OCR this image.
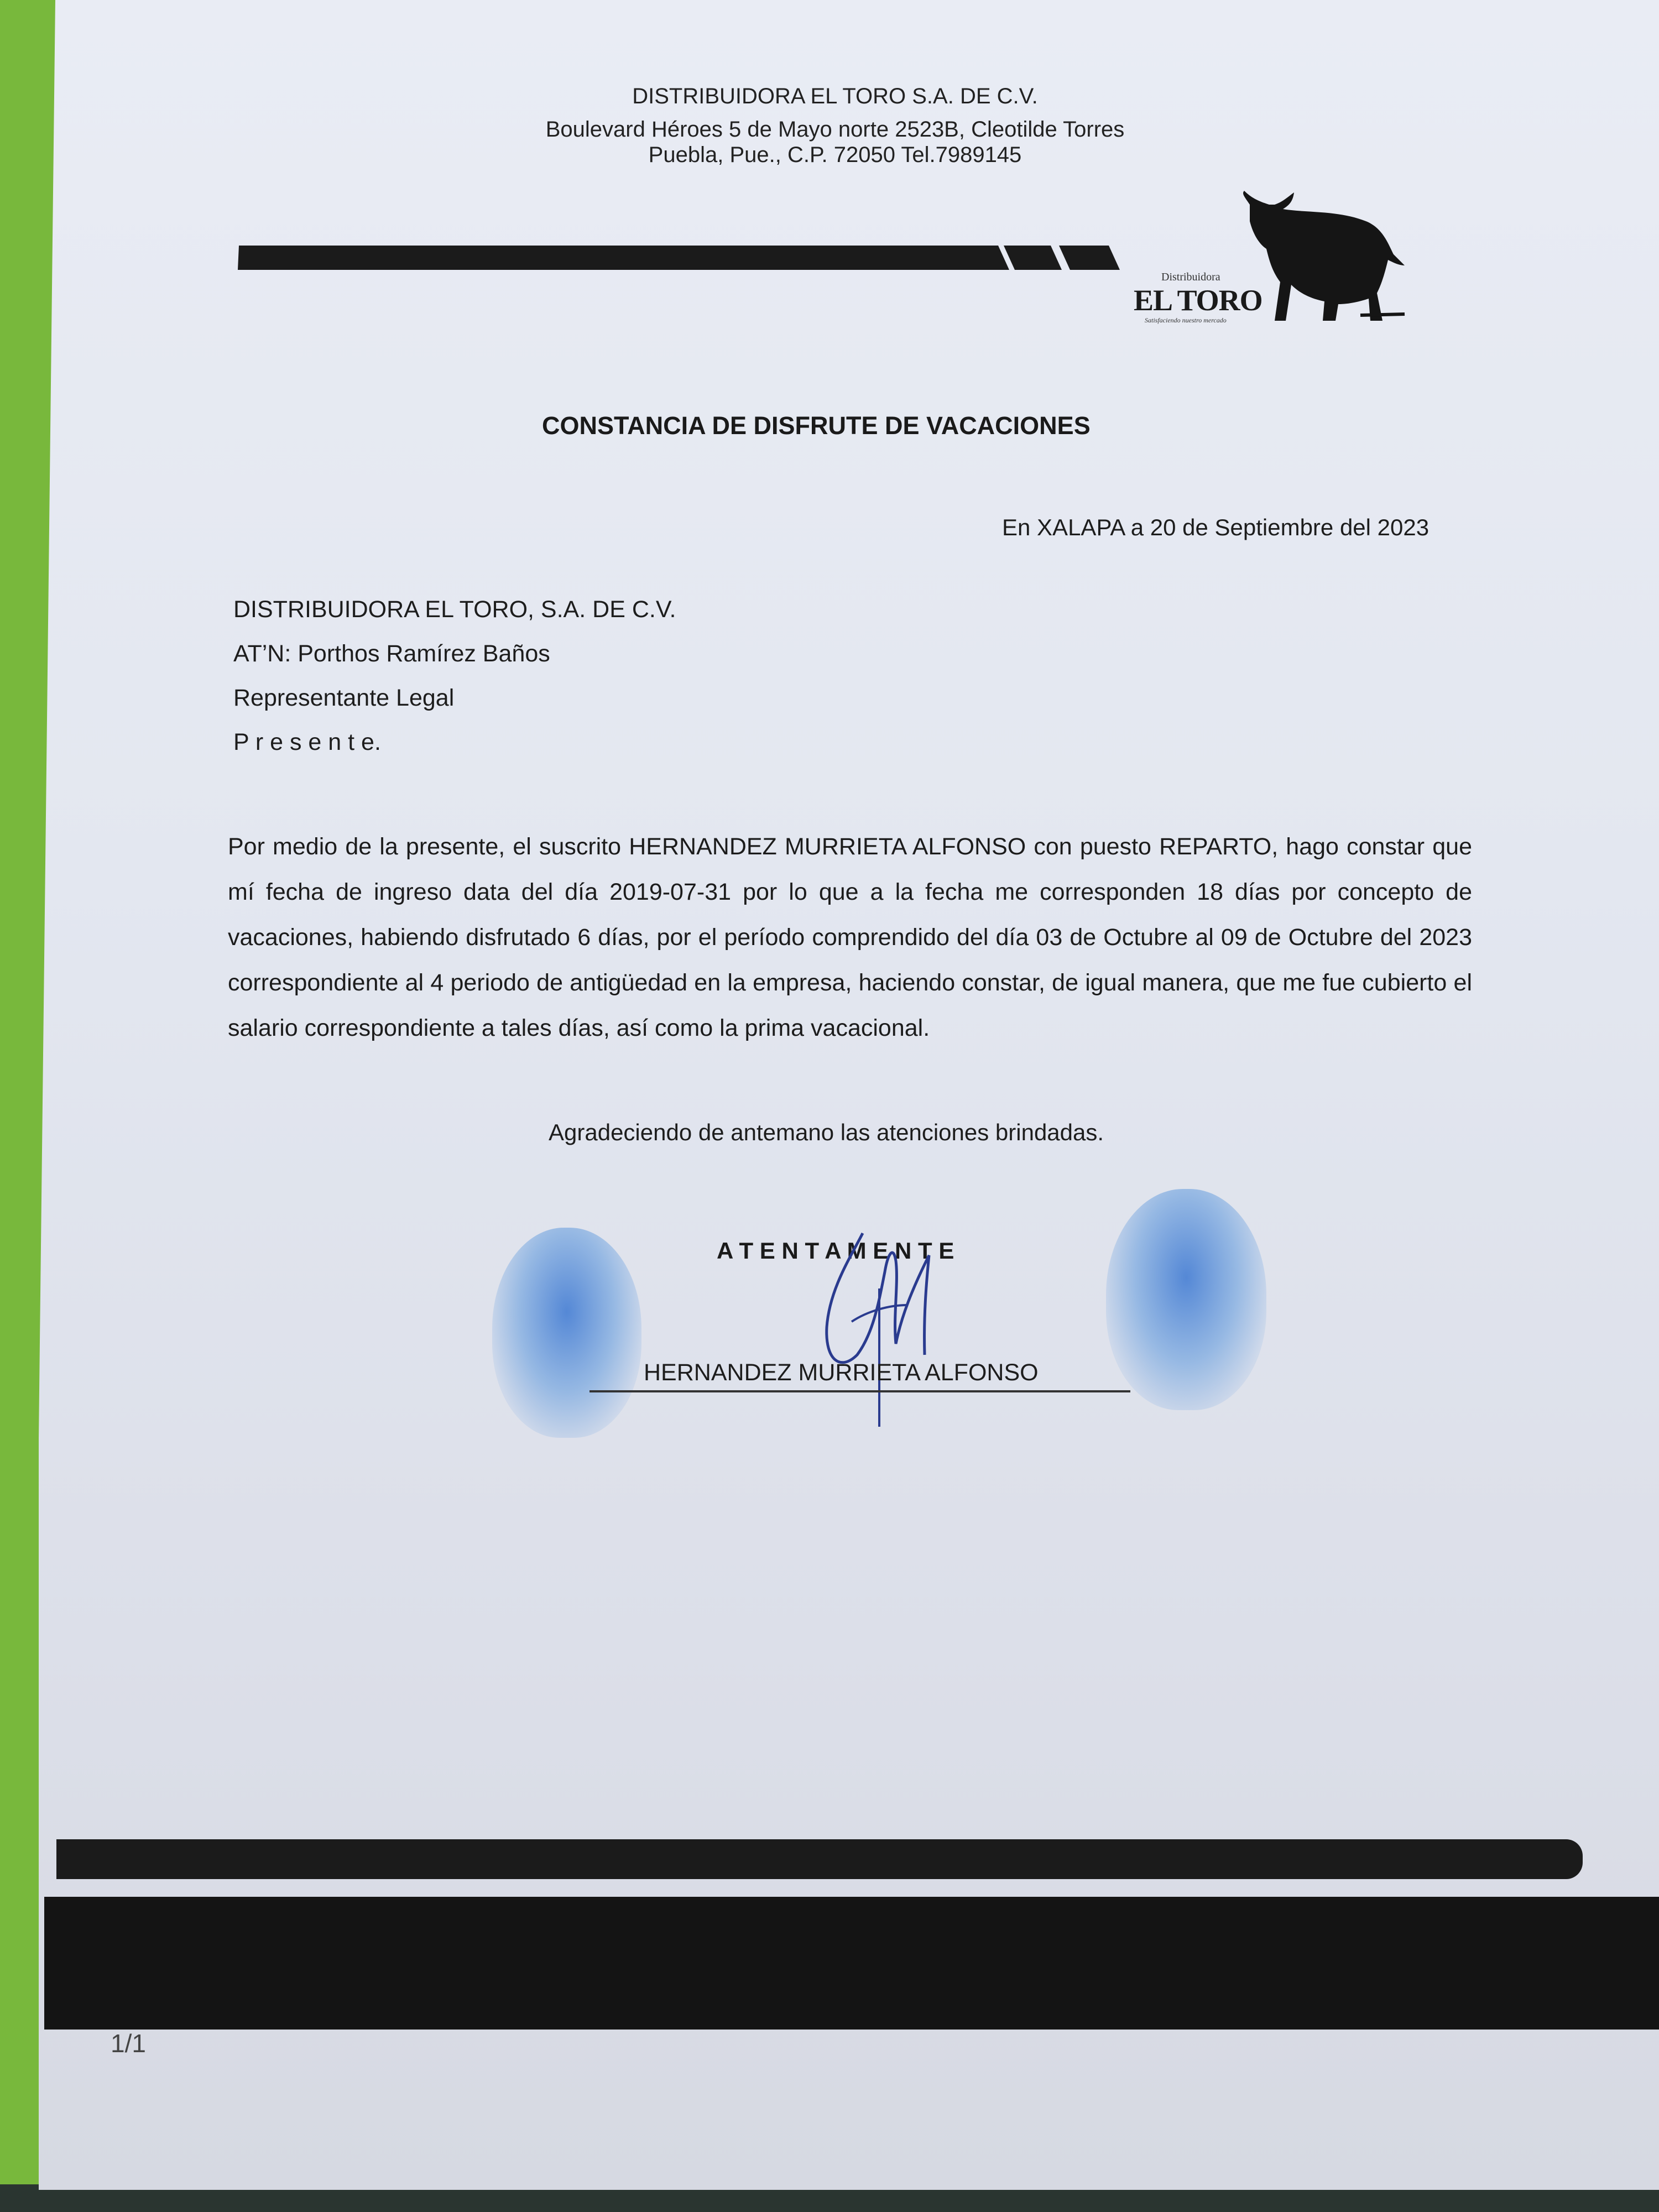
DISTRIBUIDORA EL TORO S.A. DE C.V.
Boulevard Héroes 5 de Mayo norte 2523B, Cleotilde Torres
Puebla, Pue., C.P. 72050 Tel.7989145
Distribuidora
EL TORO
Satisfaciendo nuestro mercado
CONSTANCIA DE DISFRUTE DE VACACIONES
En XALAPA a 20 de Septiembre del 2023
DISTRIBUIDORA EL TORO, S.A. DE C.V.
AT’N: Porthos Ramírez Baños
Representante Legal
P r e s e n t e.
Por medio de la presente, el suscrito HERNANDEZ MURRIETA ALFONSO con puesto REPARTO, hago constar que mí fecha de ingreso data del día 2019-07-31 por lo que a la fecha me corresponden 18 días por concepto de vacaciones, habiendo disfrutado 6 días, por el período comprendido del día 03 de Octubre al 09 de Octubre del 2023 correspondiente al 4 periodo de antigüedad en la empresa, haciendo constar, de igual manera, que me fue cubierto el salario correspondiente a tales días, así como la prima vacacional.
Agradeciendo de antemano las atenciones brindadas.
A T E N T A M E N T E
HERNANDEZ MURRIETA ALFONSO
1/1
